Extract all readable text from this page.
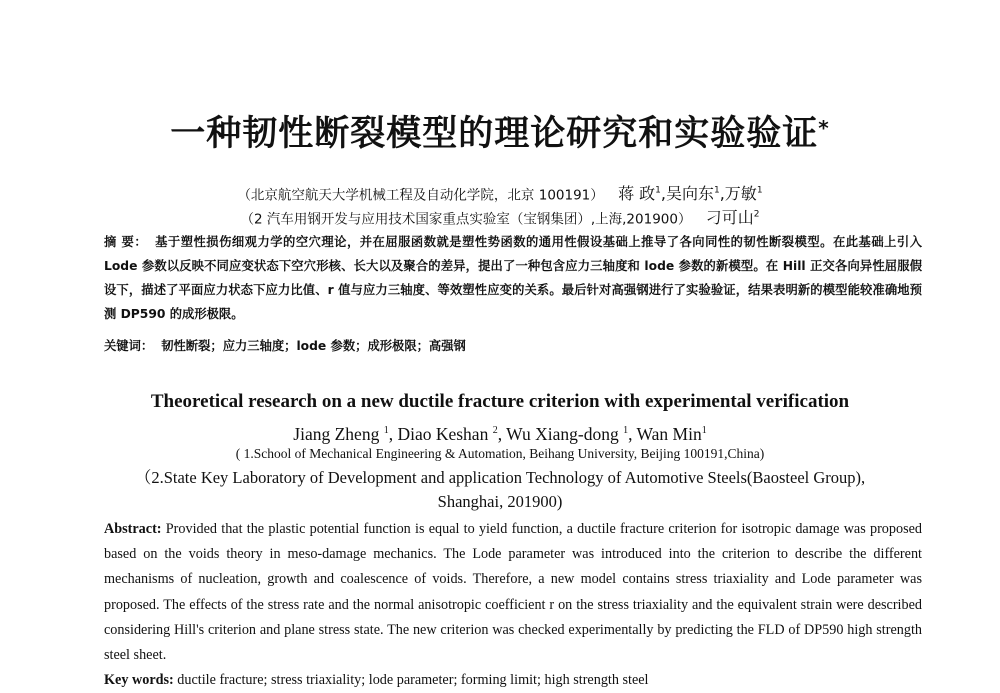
一种韧性断裂模型的理论研究和实验验证*
（北京航空航天大学机械工程及自动化学院，北京 100191） 蒋 政$^1$,吴向东$^1$,万敏$^1$
（2 汽车用钢开发与应用技术国家重点实验室（宝钢集团）,上海,201900） 刁可山$^2$
摘 要： 基于塑性损伤细观力学的空穴理论，并在屈服函数就是塑性势函数的通用性假设基础上推导了各向同性的韧性断裂模型。在此基础上引入 Lode 参数以反映不同应变状态下空穴形核、长大以及聚合的差异，提出了一种包含应力三轴度和 lode 参数的新模型。在 Hill 正交各向异性屈服假设下，描述了平面应力状态下应力比值、r 值与应力三轴度、等效塑性应变的关系。最后针对高强钢进行了实验验证，结果表明新的模型能较准确地预测 DP590 的成形极限。
关键词： 韧性断裂；应力三轴度；lode 参数；成形极限；高强钢
Theoretical research on a new ductile fracture criterion with experimental verification
Jiang Zheng $^1$, Diao Keshan $^2$, Wu Xiang-dong $^1$, Wan Min$^1$
( 1.School of Mechanical Engineering & Automation, Beihang University, Beijing 100191,China)
（2.State Key Laboratory of Development and application Technology of Automotive Steels(Baosteel Group),
Shanghai, 201900)
Abstract: Provided that the plastic potential function is equal to yield function, a ductile fracture criterion for isotropic damage was proposed based on the voids theory in meso-damage mechanics. The Lode parameter was introduced into the criterion to describe the different mechanisms of nucleation, growth and coalescence of voids. Therefore, a new model contains stress triaxiality and Lode parameter was proposed. The effects of the stress rate and the normal anisotropic coefficient r on the stress triaxiality and the equivalent strain were described considering Hill's criterion and plane stress state. The new criterion was checked experimentally by predicting the FLD of DP590 high strength steel sheet.
Key words: ductile fracture; stress triaxiality; lode parameter; forming limit; high strength steel
